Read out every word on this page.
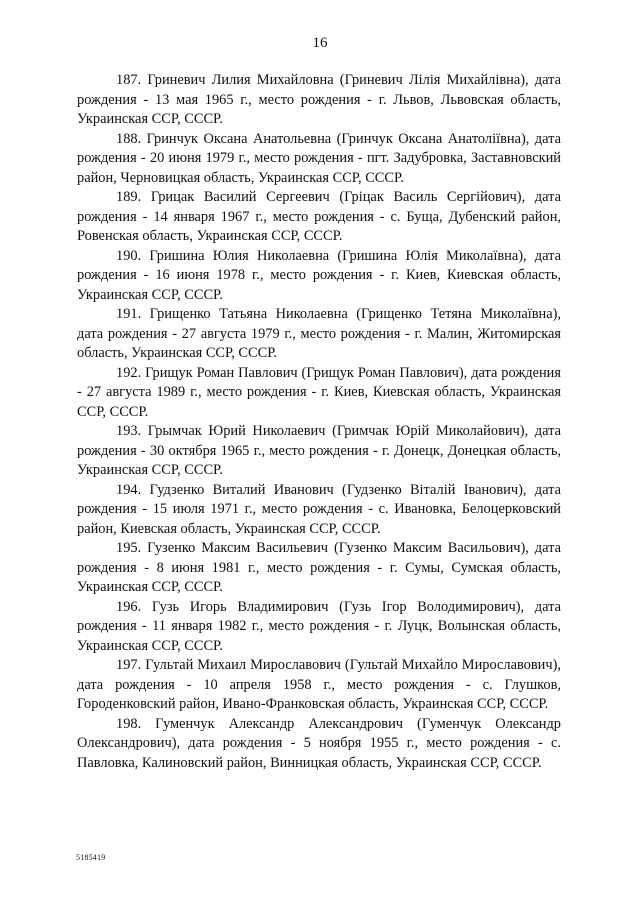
16

187. Гриневич Лилия Михайловна (Гриневич Лілія Михайлівна), дата рождения - 13 мая 1965 г., место рождения - г. Львов, Львовская область, Украинская ССР, СССР.

188. Гринчук Оксана Анатольевна (Гринчук Оксана Анатоліївна), дата рождения - 20 июня 1979 г., место рождения - пгт. Задубровка, Заставновский район, Черновицкая область, Украинская ССР, СССР.

189. Грицак Василий Сергеевич (Грiцак Василь Сергiйович), дата рождения - 14 января 1967 г., место рождения - с. Буща, Дубенский район, Ровенская область, Украинская ССР, СССР.

190. Гришина Юлия Николаевна (Гришина Юлія Миколаївна), дата рождения - 16 июня 1978 г., место рождения - г. Киев, Киевская область, Украинская ССР, СССР.

191. Грищенко Татьяна Николаевна (Грищенко Тетяна Миколаївна), дата рождения - 27 августа 1979 г., место рождения - г. Малин, Житомирская область, Украинская ССР, СССР.

192. Грищук Роман Павлович (Грищук Роман Павлович), дата рождения - 27 августа 1989 г., место рождения - г. Киев, Киевская область, Украинская ССР, СССР.

193. Грымчак Юрий Николаевич (Гримчак Юрій Миколайович), дата рождения - 30 октября 1965 г., место рождения - г. Донецк, Донецкая область, Украинская ССР, СССР.

194. Гудзенко Виталий Иванович (Гудзенко Віталій Іванович), дата рождения - 15 июля 1971 г., место рождения - с. Ивановка, Белоцерковский район, Киевская область, Украинская ССР, СССР.

195. Гузенко Максим Васильевич (Гузенко Максим Васильович), дата рождения - 8 июня 1981 г., место рождения - г. Сумы, Сумская область, Украинская ССР, СССР.

196. Гузь Игорь Владимирович (Гузь Ігор Володимирович), дата рождения - 11 января 1982 г., место рождения - г. Луцк, Волынская область, Украинская ССР, СССР.

197. Гультай Михаил Мирославович (Гультай Михайло Мирославович), дата рождения - 10 апреля 1958 г., место рождения - с. Глушков, Городенковский район, Ивано-Франковская область, Украинская ССР, СССР.

198. Гуменчук Александр Александрович (Гуменчук Олександр Олександрович), дата рождения - 5 ноября 1955 г., место рождения - с. Павловка, Калиновский район, Винницкая область, Украинская ССР, СССР.

5185419
